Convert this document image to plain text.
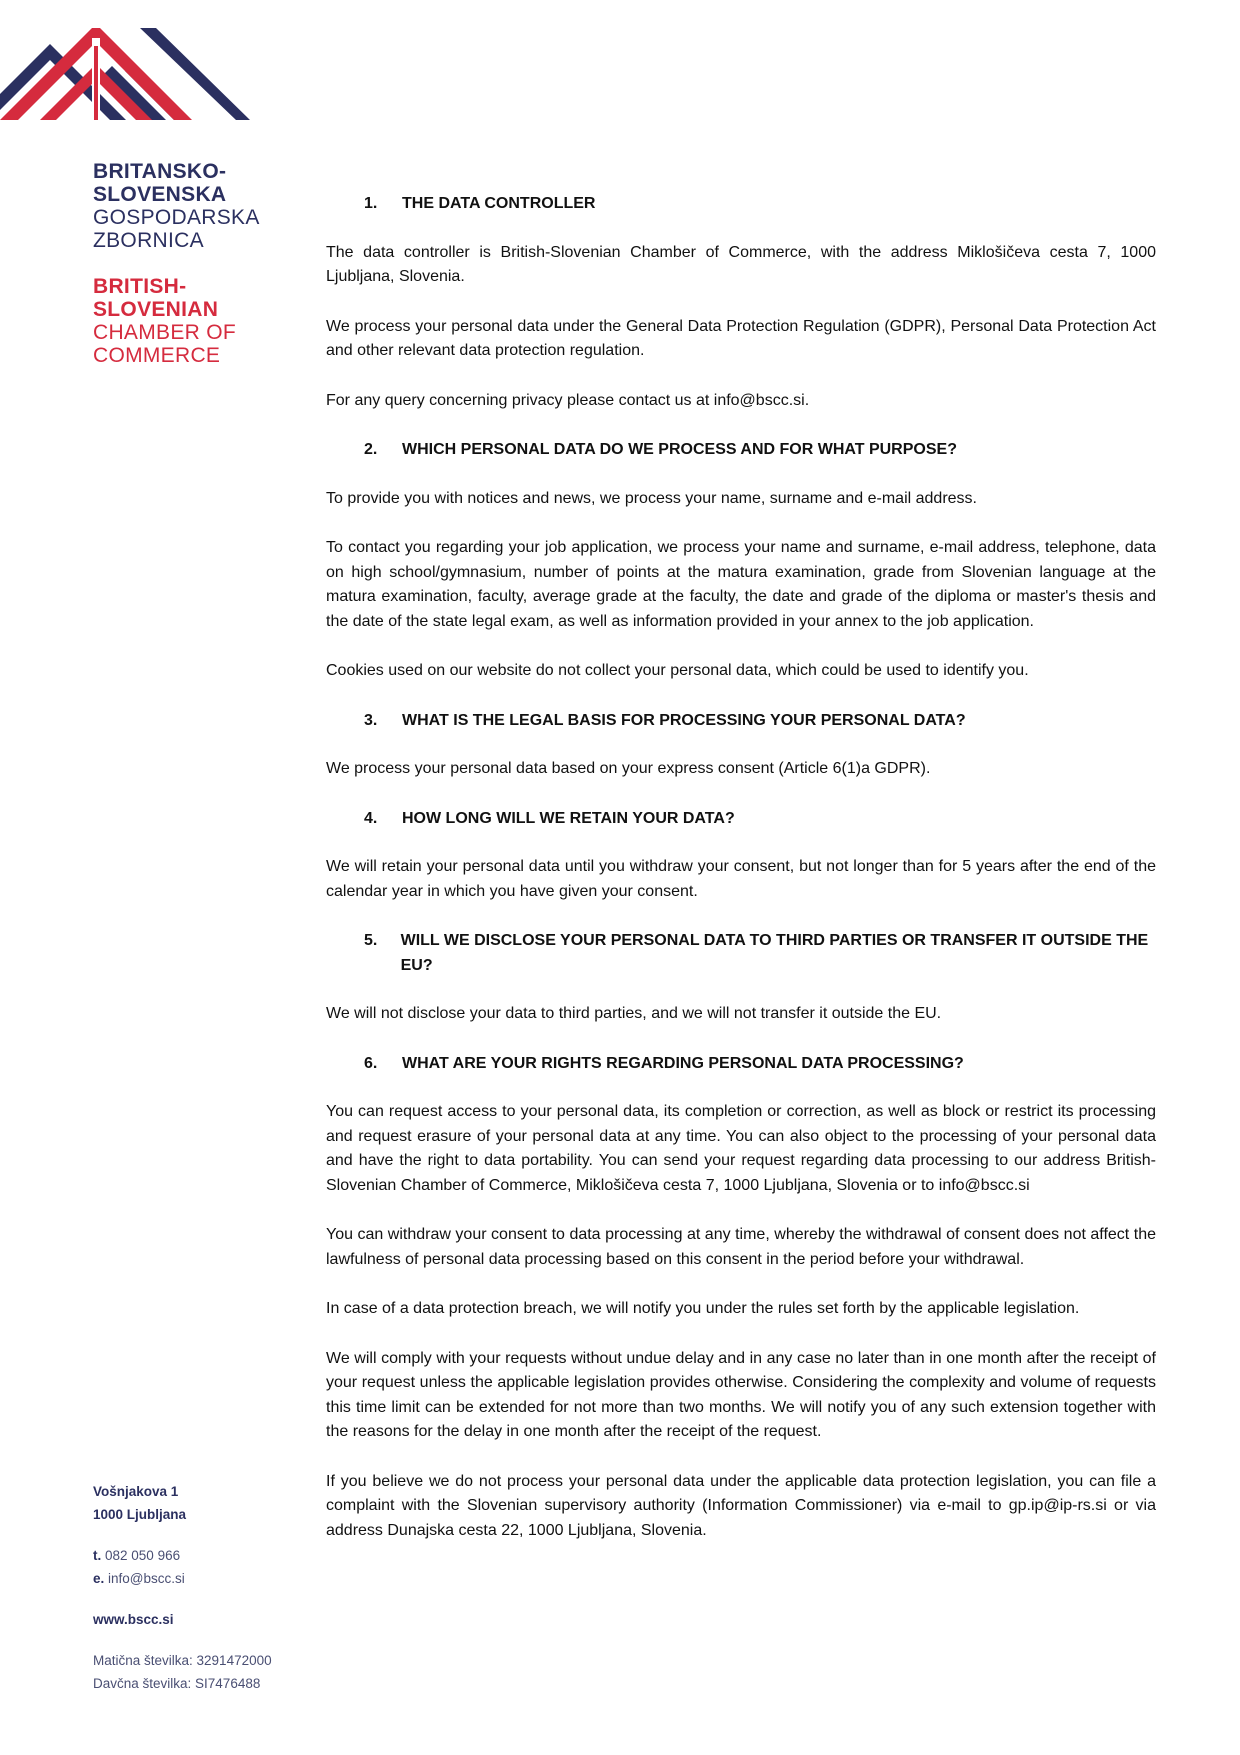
BRITANSKO-
SLOVENSKA
GOSPODARSKA
ZBORNICA
BRITISH-
SLOVENIAN
CHAMBER OF
COMMERCE
1.	THE DATA CONTROLLER

The data controller is British-Slovenian Chamber of Commerce, with the address Miklošičeva cesta 7, 1000 Ljubljana, Slovenia.

We process your personal data under the General Data Protection Regulation (GDPR), Personal Data Protection Act and other relevant data protection regulation.

For any query concerning privacy please contact us at info@bscc.si.

2.	WHICH PERSONAL DATA DO WE PROCESS AND FOR WHAT PURPOSE?

To provide you with notices and news, we process your name, surname and e-mail address.

To contact you regarding your job application, we process your name and surname, e-mail address, telephone, data on high school/gymnasium, number of points at the matura examination, grade from Slovenian language at the matura examination, faculty, average grade at the faculty, the date and grade of the diploma or master's thesis and the date of the state legal exam, as well as information provided in your annex to the job application.

Cookies used on our website do not collect your personal data, which could be used to identify you.

3.	WHAT IS THE LEGAL BASIS FOR PROCESSING YOUR PERSONAL DATA?

We process your personal data based on your express consent (Article 6(1)a GDPR).

4.	HOW LONG WILL WE RETAIN YOUR DATA?

We will retain your personal data until you withdraw your consent, but not longer than for 5 years after the end of the calendar year in which you have given your consent.

5.	WILL WE DISCLOSE YOUR PERSONAL DATA TO THIRD PARTIES OR TRANSFER IT OUTSIDE THE EU?

We will not disclose your data to third parties, and we will not transfer it outside the EU.

6.	WHAT ARE YOUR RIGHTS REGARDING PERSONAL DATA PROCESSING?

You can request access to your personal data, its completion or correction, as well as block or restrict its processing and request erasure of your personal data at any time. You can also object to the processing of your personal data and have the right to data portability. You can send your request regarding data processing to our address British-Slovenian Chamber of Commerce, Miklošičeva cesta 7, 1000 Ljubljana, Slovenia or to info@bscc.si

You can withdraw your consent to data processing at any time, whereby the withdrawal of consent does not affect the lawfulness of personal data processing based on this consent in the period before your withdrawal.

In case of a data protection breach, we will notify you under the rules set forth by the applicable legislation.

We will comply with your requests without undue delay and in any case no later than in one month after the receipt of your request unless the applicable legislation provides otherwise. Considering the complexity and volume of requests this time limit can be extended for not more than two months. We will notify you of any such extension together with the reasons for the delay in one month after the receipt of the request.

If you believe we do not process your personal data under the applicable data protection legislation, you can file a complaint with the Slovenian supervisory authority (Information Commissioner) via e-mail to gp.ip@ip-rs.si or via address Dunajska cesta 22, 1000 Ljubljana, Slovenia.

Vošnjakova 1
1000 Ljubljana
t. 082 050 966
e. info@bscc.si
www.bscc.si
Matična številka: 3291472000
Davčna številka: SI7476488
